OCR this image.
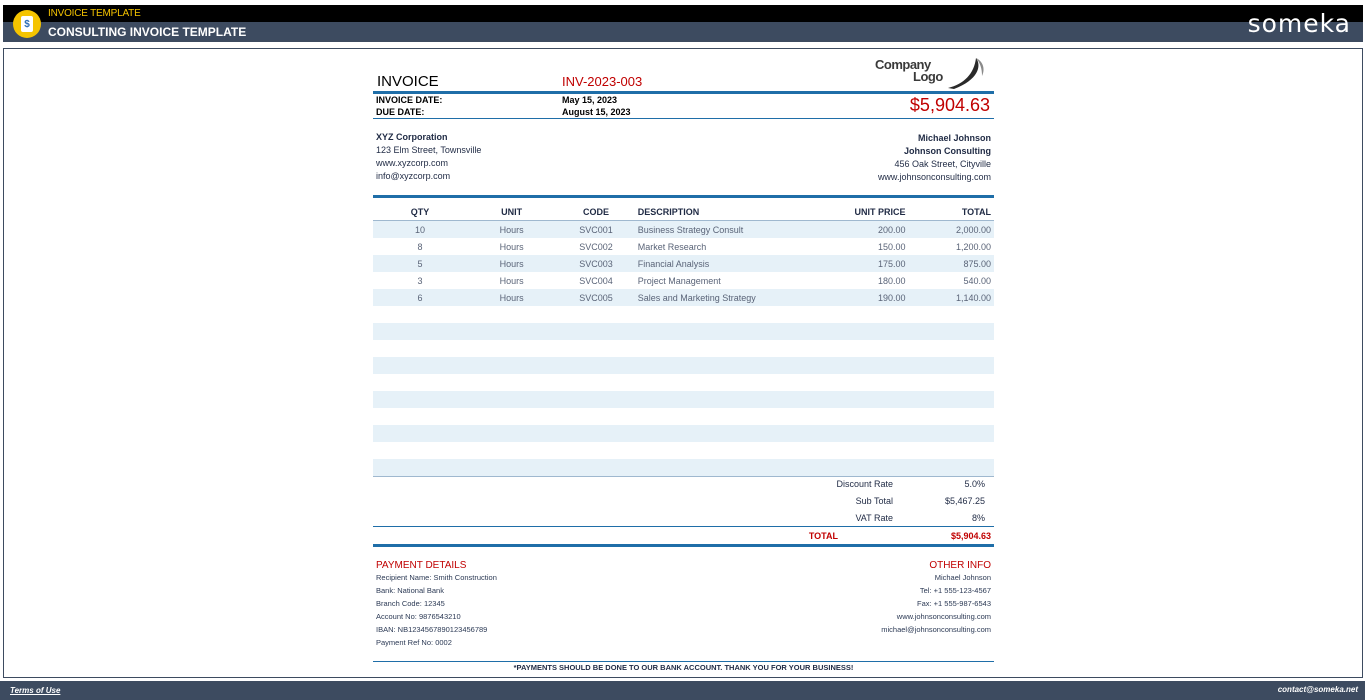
$
INVOICE TEMPLATE
CONSULTING INVOICE TEMPLATE	someka
INVOICE	INV-2023-003
Company
Logo
INVOICE DATE:	May 15, 2023
DUE DATE:	August 15, 2023	$5,904.63
XYZ Corporation
123 Elm Street, Townsville
www.xyzcorp.com
info@xyzcorp.com
Michael Johnson
Johnson Consulting
456 Oak Street, Cityville
www.johnsonconsulting.com
QTY	UNIT	CODE	DESCRIPTION	UNIT PRICE	TOTAL
10	Hours	SVC001	Business Strategy Consult	200.00	2,000.00
8	Hours	SVC002	Market Research	150.00	1,200.00
5	Hours	SVC003	Financial Analysis	175.00	875.00
3	Hours	SVC004	Project Management	180.00	540.00
6	Hours	SVC005	Sales and Marketing Strategy	190.00	1,140.00

Discount Rate	5.0%
Sub Total	$5,467.25
VAT Rate	8%
TOTAL	$5,904.63
PAYMENT DETAILS
Recipient Name: Smith Construction
Bank: National Bank
Branch Code: 12345
Account No: 9876543210
IBAN: NB1234567890123456789
Payment Ref No: 0002
OTHER INFO
Michael Johnson
Tel: +1 555-123-4567
Fax: +1 555-987-6543
www.johnsonconsulting.com
michael@johnsonconsulting.com
*PAYMENTS SHOULD BE DONE TO OUR BANK ACCOUNT. THANK YOU FOR YOUR BUSINESS!
Terms of Use	contact@someka.net
